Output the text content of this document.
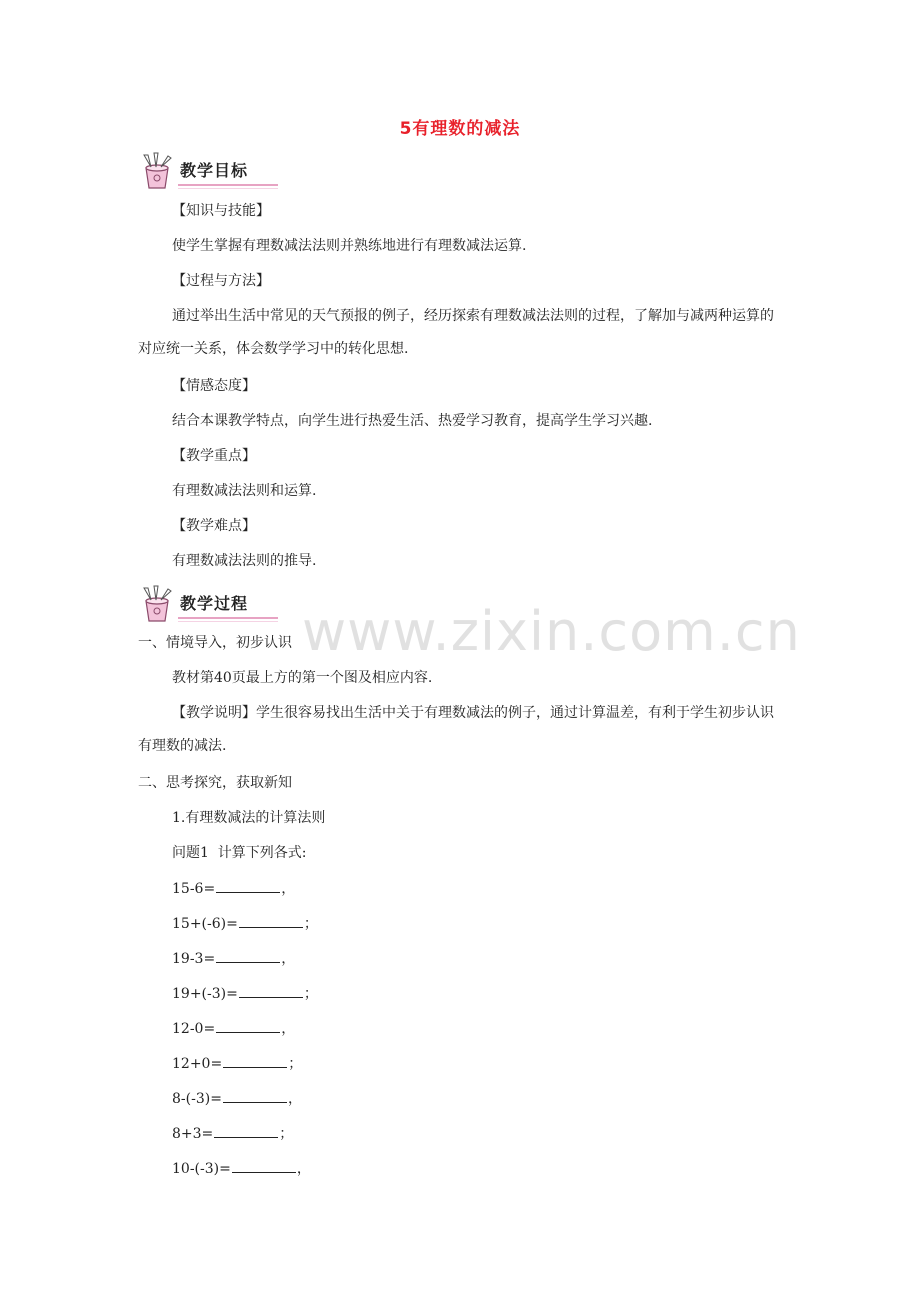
5有理数的减法
教学目标
【知识与技能】
使学生掌握有理数减法法则并熟练地进行有理数减法运算.
【过程与方法】
通过举出生活中常见的天气预报的例子，经历探索有理数减法法则的过程，了解加与减两种运算的对应统一关系，体会数学学习中的转化思想.
【情感态度】
结合本课教学特点，向学生进行热爱生活、热爱学习教育，提高学生学习兴趣.
【教学重点】
有理数减法法则和运算.
【教学难点】
有理数减法法则的推导.
教学过程 www.zixin.com.cn
一、情境导入，初步认识
教材第40页最上方的第一个图及相应内容.
【教学说明】学生很容易找出生活中关于有理数减法的例子，通过计算温差，有利于学生初步认识有理数的减法.
二、思考探究，获取新知
1.有理数减法的计算法则
问题1  计算下列各式:
15-6=	，
15+(-6)=	；
19-3=	，
19+(-3)=	；
12-0=	，
12+0=	；
8-(-3)=	，
8+3=	；
10-(-3)=	，
